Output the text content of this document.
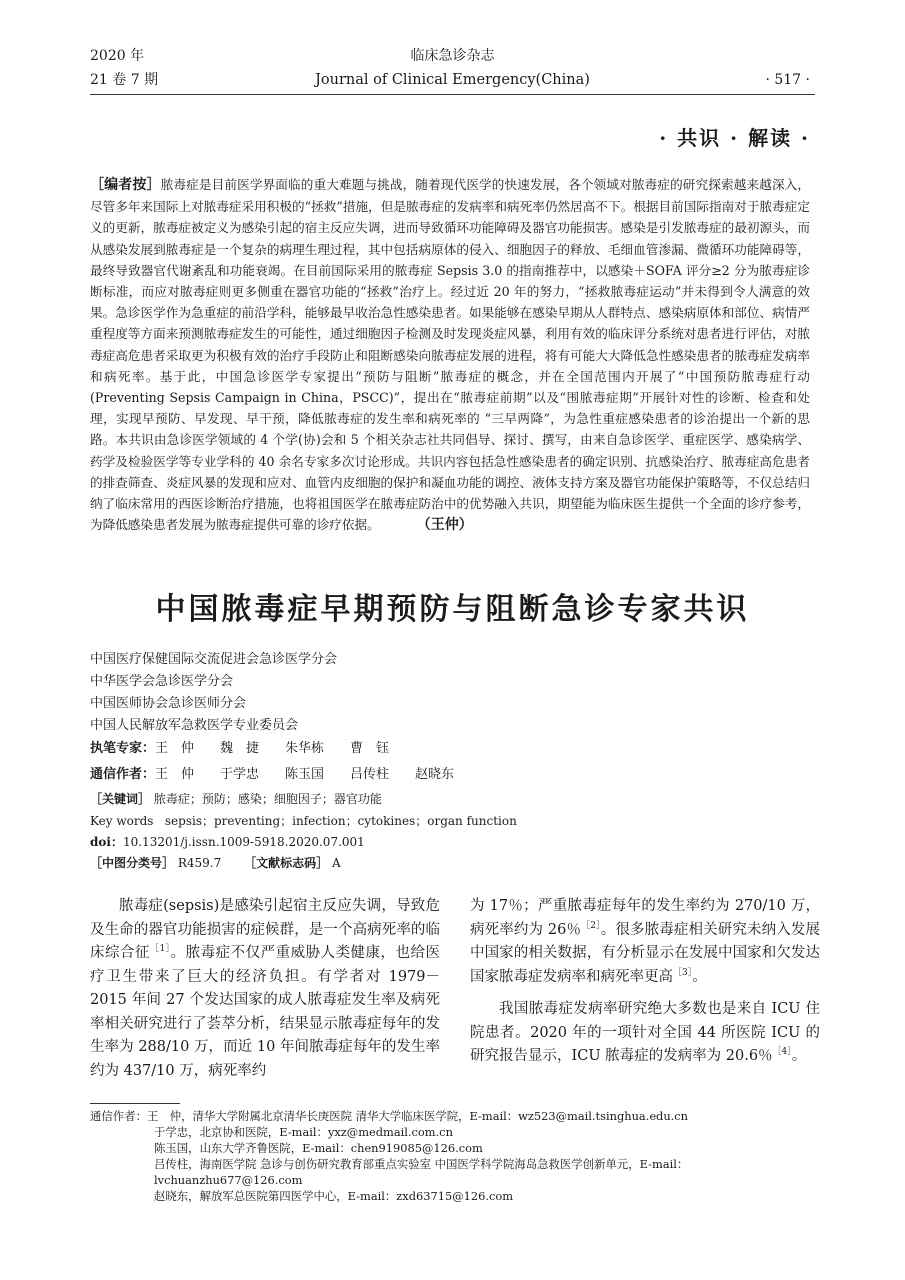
2020 年
21 卷 7 期
临床急诊杂志
Journal of Clinical Emergency(China)	· 517 ·
· 共识 · 解读 ·
［编者按］脓毒症是目前医学界面临的重大难题与挑战，随着现代医学的快速发展，各个领域对脓毒症的研究探索越来越深入，尽管多年来国际上对脓毒症采用积极的“拯救”措施，但是脓毒症的发病率和病死率仍然居高不下。根据目前国际指南对于脓毒症定义的更新，脓毒症被定义为感染引起的宿主反应失调，进而导致循环功能障碍及器官功能损害。感染是引发脓毒症的最初源头，而从感染发展到脓毒症是一个复杂的病理生理过程，其中包括病原体的侵入、细胞因子的释放、毛细血管渗漏、微循环功能障碍等，最终导致器官代谢紊乱和功能衰竭。在目前国际采用的脓毒症 Sepsis 3.0 的指南推荐中，以感染＋SOFA 评分≥2 分为脓毒症诊断标准，而应对脓毒症则更多侧重在器官功能的“拯救”治疗上。经过近 20 年的努力，“拯救脓毒症运动”并未得到令人满意的效果。急诊医学作为急重症的前沿学科，能够最早收治急性感染患者。如果能够在感染早期从人群特点、感染病原体和部位、病情严重程度等方面来预测脓毒症发生的可能性，通过细胞因子检测及时发现炎症风暴，利用有效的临床评分系统对患者进行评估，对脓毒症高危患者采取更为积极有效的治疗手段防止和阻断感染向脓毒症发展的进程，将有可能大大降低急性感染患者的脓毒症发病率和病死率。基于此，中国急诊医学专家提出“预防与阻断”脓毒症的概念，并在全国范围内开展了“中国预防脓毒症行动(Preventing Sepsis Campaign in China，PSCC)”，提出在“脓毒症前期”以及“围脓毒症期”开展针对性的诊断、检查和处理，实现早预防、早发现、早干预，降低脓毒症的发生率和病死率的 “三早两降”，为急性重症感染患者的诊治提出一个新的思路。本共识由急诊医学领域的 4 个学(协)会和 5 个相关杂志社共同倡导、探讨、撰写，由来自急诊医学、重症医学、感染病学、药学及检验医学等专业学科的 40 余名专家多次讨论形成。共识内容包括急性感染患者的确定识别、抗感染治疗、脓毒症高危患者的排查筛查、炎症风暴的发现和应对、血管内皮细胞的保护和凝血功能的调控、液体支持方案及器官功能保护策略等，不仅总结归纳了临床常用的西医诊断治疗措施，也将祖国医学在脓毒症防治中的优势融入共识，期望能为临床医生提供一个全面的诊疗参考，为降低感染患者发展为脓毒症提供可靠的诊疗依据。　　　　	（王仲）
中国脓毒症早期预防与阻断急诊专家共识
中国医疗保健国际交流促进会急诊医学分会
中华医学会急诊医学分会
中国医师协会急诊医师分会
中国人民解放军急救医学专业委员会
执笔专家：王　仲　　魏　捷　　朱华栋　　曹　钰
通信作者：王　仲　　于学忠　　陈玉国　　吕传柱　　赵晓东
［关键词］ 脓毒症；预防；感染；细胞因子；器官功能
Key words sepsis；preventing；infection；cytokines；organ function
doi：10.13201/j.issn.1009-5918.2020.07.001
［中图分类号］ R459.7 ［文献标志码］ A

脓毒症(sepsis)是感染引起宿主反应失调，导致危及生命的器官功能损害的症候群，是一个高病死率的临床综合征$^{[1]}$。脓毒症不仅严重威胁人类健康，也给医疗卫生带来了巨大的经济负担。有学者对 1979－2015 年间 27 个发达国家的成人脓毒症发生率及病死率相关研究进行了荟萃分析，结果显示脓毒症每年的发生率为 288/10 万，而近 10 年间脓毒症每年的发生率约为 437/10 万，病死率约

为 17％；严重脓毒症每年的发生率约为 270/10 万，病死率约为 26％$^{[2]}$。很多脓毒症相关研究未纳入发展中国家的相关数据，有分析显示在发展中国家和欠发达国家脓毒症发病率和病死率更高$^{[3]}$。

我国脓毒症发病率研究绝大多数也是来自 ICU 住院患者。2020 年的一项针对全国 44 所医院 ICU 的研究报告显示，ICU 脓毒症的发病率为 20.6％$^{[4]}$。

通信作者：王　仲，清华大学附属北京清华长庚医院 清华大学临床医学院，E-mail：wz523@mail.tsinghua.edu.cn
于学忠，北京协和医院，E-mail：yxz@medmail.com.cn
陈玉国，山东大学齐鲁医院，E-mail：chen919085@126.com
吕传柱，海南医学院 急诊与创伤研究教育部重点实验室 中国医学科学院海岛急救医学创新单元，E-mail：lvchuanzhu677@126.com
赵晓东，解放军总医院第四医学中心，E-mail：zxd63715@126.com
